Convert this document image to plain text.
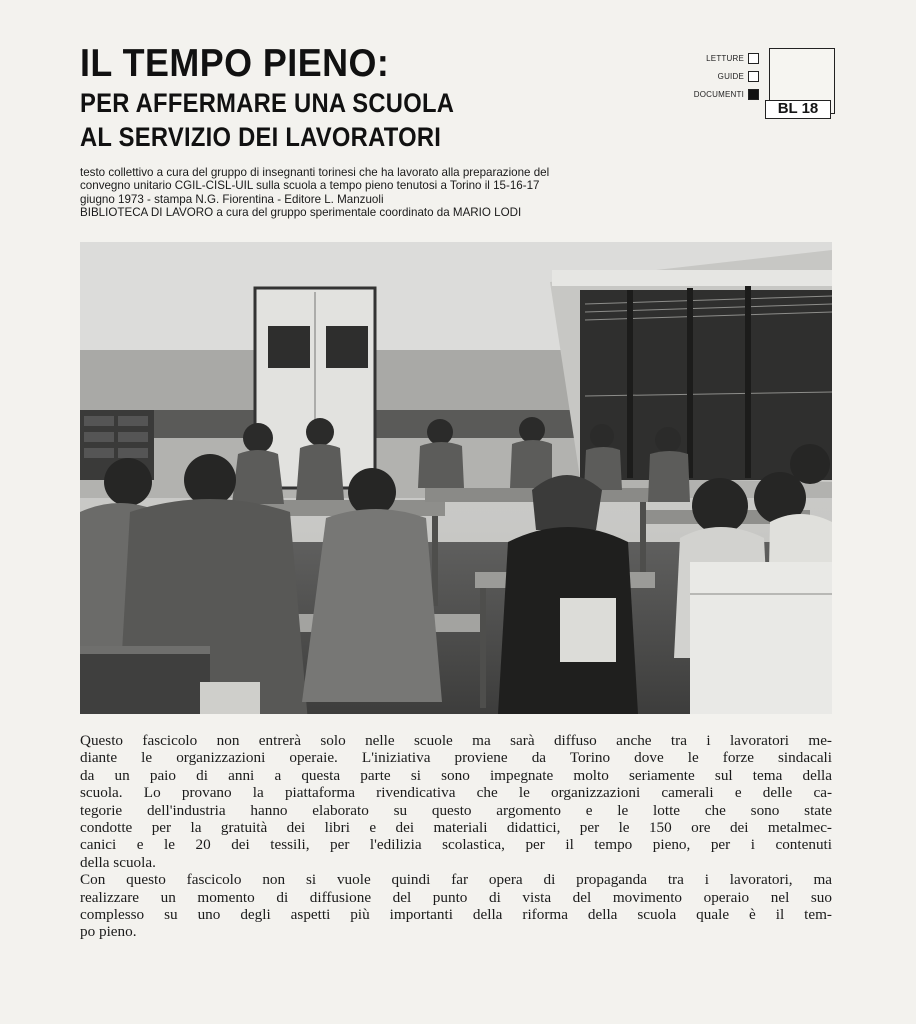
IL TEMPO PIENO:
PER AFFERMARE UNA SCUOLA
AL SERVIZIO DEI LAVORATORI

testo collettivo a cura del gruppo di insegnanti torinesi che ha lavorato alla preparazione del
convegno unitario CGIL-CISL-UIL sulla scuola a tempo pieno tenutosi a Torino il 15-16-17
giugno 1973 - stampa N.G. Fiorentina - Editore L. Manzuoli
BIBLIOTECA DI LAVORO a cura del gruppo sperimentale coordinato da MARIO LODI

LETTURE
GUIDE
DOCUMENTI
BL 18
Questo fascicolo non entrerà solo nelle scuole ma sarà diffuso anche tra i lavoratori me-
diante le organizzazioni operaie. L'iniziativa proviene da Torino dove le forze sindacali
da un paio di anni a questa parte si sono impegnate molto seriamente sul tema della
scuola. Lo provano la piattaforma rivendicativa che le organizzazioni camerali e delle ca-
tegorie dell'industria hanno elaborato su questo argomento e le lotte che sono state
condotte per la gratuità dei libri e dei materiali didattici, per le 150 ore dei metalmec-
canici e le 20 dei tessili, per l'edilizia scolastica, per il tempo pieno, per i contenuti
della scuola.
Con questo fascicolo non si vuole quindi far opera di propaganda tra i lavoratori, ma
realizzare un momento di diffusione del punto di vista del movimento operaio nel suo
complesso su uno degli aspetti più importanti della riforma della scuola quale è il tem-
po pieno.
